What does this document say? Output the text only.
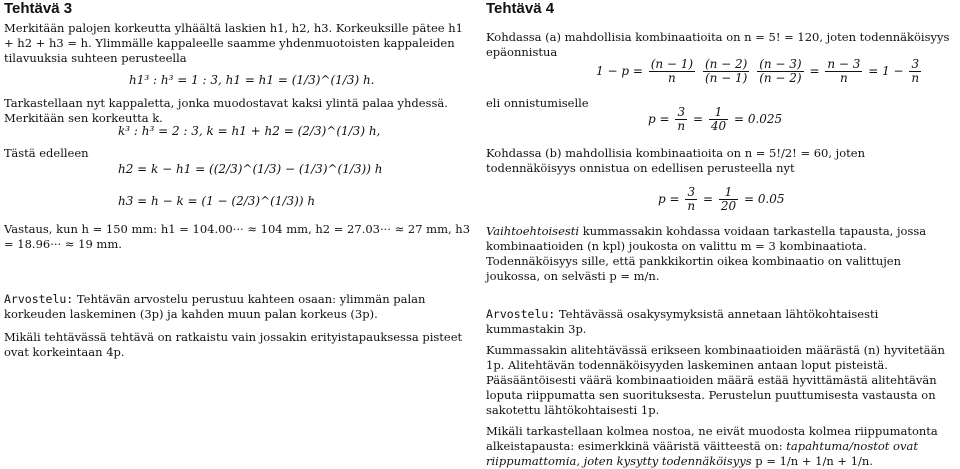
Tehtävä 3

Merkitään palojen korkeutta ylhäältä laskien h1, h2, h3. Korkeuksille pätee h1 + h2 + h3 = h. Ylimmälle kappaleelle saamme yhdenmuotoisten kappaleiden tilavuuksia suhteen perusteella

h1³ : h³ = 1 : 3, h1 = h1 = (1/3)^(1/3) h.

Tarkastellaan nyt kappaletta, jonka muodostavat kaksi ylintä palaa yhdessä. Merkitään sen korkeutta k.

k³ : h³ = 2 : 3, k = h1 + h2 = (2/3)^(1/3) h,

Tästä edelleen

h2 = k − h1 = ((2/3)^(1/3) − (1/3)^(1/3)) h
h3 = h − k = (1 − (2/3)^(1/3)) h

Vastaus, kun h = 150 mm: h1 = 104.00··· ≈ 104 mm, h2 = 27.03··· ≈ 27 mm, h3 = 18.96··· ≈ 19 mm.

Arvostelu: Tehtävän arvostelu perustuu kahteen osaan: ylimmän palan korkeuden laskeminen (3p) ja kahden muun palan korkeus (3p).

Mikäli tehtävässä tehtävä on ratkaistu vain jossakin erityistapauksessa pisteet ovat korkeintaan 4p.

Tehtävä 4

Kohdassa (a) mahdollisia kombinaatioita on n = 5! = 120, joten todennäköisyys epäonnistua

$1 - p = \frac{(n - 1)}{n}$
$\frac{(n - 2)}{(n - 1)}$
$\frac{(n - 3)}{(n - 2)} = \frac{n - 3}{n} = 1 - \frac{3}{n}$

eli onnistumiselle

$p = \frac{3}{n} = \frac{1}{40} = 0.025$

Kohdassa (b) mahdollisia kombinaatioita on n = 5!/2! = 60, joten todennäköisyys onnistua on edellisen perusteella nyt

$p = \frac{3}{n} = \frac{1}{20} = 0.05$

Vaihtoehtoisesti kummassakin kohdassa voidaan tarkastella tapausta, jossa kombinaatioiden (n kpl) joukosta on valittu m = 3 kombinaatiota. Todennäköisyys sille, että pankkikortin oikea kombinaatio on valittujen joukossa, on selvästi p = m/n.

Arvostelu: Tehtävässä osakysymyksistä annetaan lähtökohtaisesti kummastakin 3p.

Kummassakin alitehtävässä erikseen kombinaatioiden määrästä (n) hyvitetään 1p. Alitehtävän todennäköisyyden laskeminen antaan loput pisteistä. Pääsääntöisesti väärä kombinaatioiden määrä estää hyvittämästä alitehtävän loputa riippumatta sen suorituksesta. Perustelun puuttumisesta vastausta on sakotettu lähtökohtaisesti 1p.

Mikäli tarkastellaan kolmea nostoa, ne eivät muodosta kolmea riippumatonta alkeistapausta: esimerkkinä vääristä väitteestä on: tapahtuma/nostot ovat riippumattomia, joten kysytty todennäköisyys p = 1/n + 1/n + 1/n.
